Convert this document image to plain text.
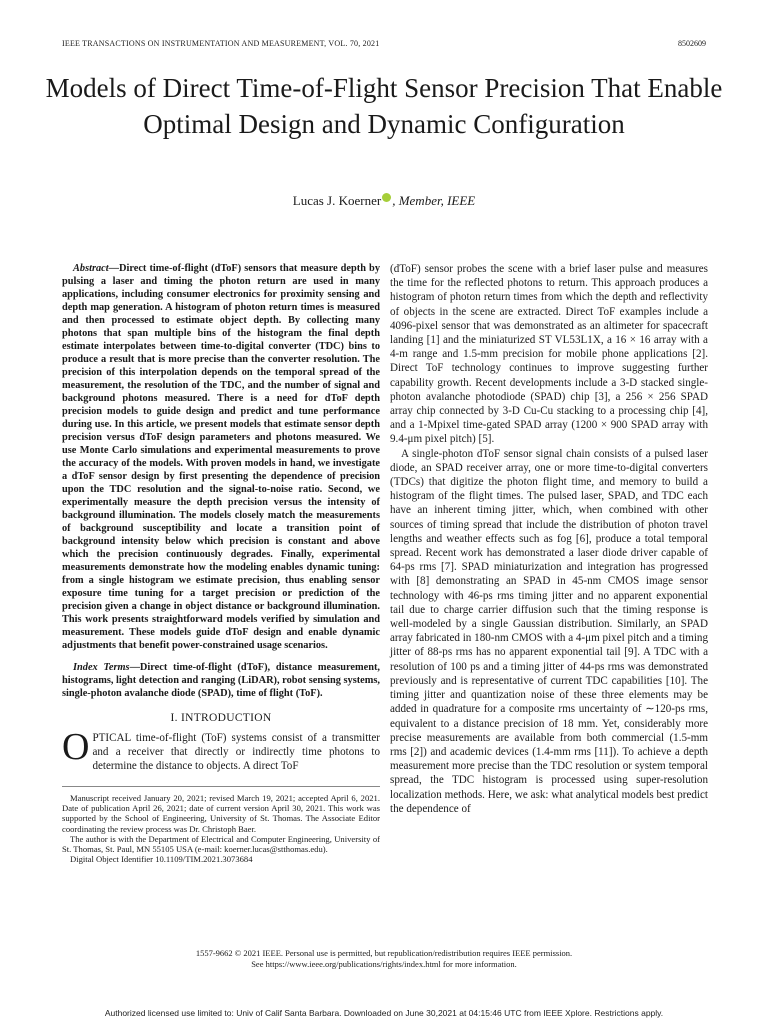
IEEE TRANSACTIONS ON INSTRUMENTATION AND MEASUREMENT, VOL. 70, 2021	8502609
Models of Direct Time-of-Flight Sensor Precision That Enable Optimal Design and Dynamic Configuration
Lucas J. Koerner , Member, IEEE

Abstract—Direct time-of-flight (dToF) sensors that measure depth by pulsing a laser and timing the photon return are used in many applications, including consumer electronics for proximity sensing and depth map generation. A histogram of photon return times is measured and then processed to estimate object depth. By collecting many photons that span multiple bins of the histogram the final depth estimate interpolates between time-to-digital converter (TDC) bins to produce a result that is more precise than the converter resolution. The precision of this interpolation depends on the temporal spread of the measurement, the resolution of the TDC, and the number of signal and background photons measured. There is a need for dToF depth precision models to guide design and predict and tune performance during use. In this article, we present models that estimate sensor depth precision versus dToF design parameters and photons measured. We use Monte Carlo simulations and experimental measurements to prove the accuracy of the models. With proven models in hand, we investigate a dToF sensor design by first presenting the dependence of precision upon the TDC resolution and the signal-to-noise ratio. Second, we experimentally measure the depth precision versus the intensity of background illumination. The models closely match the measurements of background susceptibility and locate a transition point of background intensity below which precision is constant and above which the precision continuously degrades. Finally, experimental measurements demonstrate how the modeling enables dynamic tuning: from a single histogram we estimate precision, thus enabling sensor exposure time tuning for a target precision or prediction of the precision given a change in object distance or background illumination. This work presents straightforward models verified by simulation and measurement. These models guide dToF design and enable dynamic adjustments that benefit power-constrained usage scenarios.

Index Terms—Direct time-of-flight (dToF), distance measurement, histograms, light detection and ranging (LiDAR), robot sensing systems, single-photon avalanche diode (SPAD), time of flight (ToF).

I. INTRODUCTION

OPTICAL time-of-flight (ToF) systems consist of a transmitter and a receiver that directly or indirectly time photons to determine the distance to objects. A direct ToF

Manuscript received January 20, 2021; revised March 19, 2021; accepted April 6, 2021. Date of publication April 26, 2021; date of current version April 30, 2021. This work was supported by the School of Engineering, University of St. Thomas. The Associate Editor coordinating the review process was Dr. Christoph Baer.

The author is with the Department of Electrical and Computer Engineering, University of St. Thomas, St. Paul, MN 55105 USA (e-mail: koerner.lucas@stthomas.edu).

Digital Object Identifier 10.1109/TIM.2021.3073684

(dToF) sensor probes the scene with a brief laser pulse and measures the time for the reflected photons to return. This approach produces a histogram of photon return times from which the depth and reflectivity of objects in the scene are extracted. Direct ToF examples include a 4096-pixel sensor that was demonstrated as an altimeter for spacecraft landing [1] and the miniaturized ST VL53L1X, a 16 × 16 array with a 4-m range and 1.5-mm precision for mobile phone applications [2]. Direct ToF technology continues to improve suggesting further capability growth. Recent developments include a 3-D stacked single-photon avalanche photodiode (SPAD) chip [3], a 256 × 256 SPAD array chip connected by 3-D Cu-Cu stacking to a processing chip [4], and a 1-Mpixel time-gated SPAD array (1200 × 900 SPAD array with 9.4-μm pixel pitch) [5].

A single-photon dToF sensor signal chain consists of a pulsed laser diode, an SPAD receiver array, one or more time-to-digital converters (TDCs) that digitize the photon flight time, and memory to build a histogram of the flight times. The pulsed laser, SPAD, and TDC each have an inherent timing jitter, which, when combined with other sources of timing spread that include the distribution of photon travel lengths and weather effects such as fog [6], produce a total temporal spread. Recent work has demonstrated a laser diode driver capable of 64-ps rms [7]. SPAD miniaturization and integration has progressed with [8] demonstrating an SPAD in 45-nm CMOS image sensor technology with 46-ps rms timing jitter and no apparent exponential tail due to charge carrier diffusion such that the timing response is well-modeled by a single Gaussian distribution. Similarly, an SPAD array fabricated in 180-nm CMOS with a 4-μm pixel pitch and a timing jitter of 88-ps rms has no apparent exponential tail [9]. A TDC with a resolution of 100 ps and a timing jitter of 44-ps rms was demonstrated previously and is representative of current TDC capabilities [10]. The timing jitter and quantization noise of these three elements may be added in quadrature for a composite rms uncertainty of ∼120-ps rms, equivalent to a distance precision of 18 mm. Yet, considerably more precise measurements are available from both commercial (1.5-mm rms [2]) and academic devices (1.4-mm rms [11]). To achieve a depth measurement more precise than the TDC resolution or system temporal spread, the TDC histogram is processed using super-resolution localization methods. Here, we ask: what analytical models best predict the dependence of

1557-9662 © 2021 IEEE. Personal use is permitted, but republication/redistribution requires IEEE permission.
See https://www.ieee.org/publications/rights/index.html for more information.
Authorized licensed use limited to: Univ of Calif Santa Barbara. Downloaded on June 30,2021 at 04:15:46 UTC from IEEE Xplore. Restrictions apply.
